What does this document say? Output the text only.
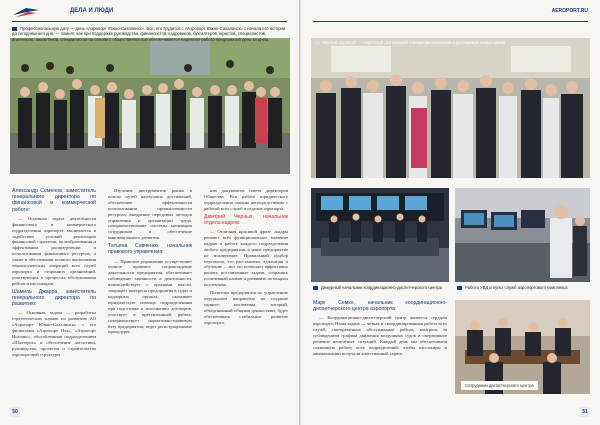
ДЕЛА И ЛЮДИ
Профессиональную дату — день «Аэропорт Южно-Сахалинск». Все, кто трудится с «Аэропорт Южно-Сахалинск» с начала его истории до сегодняшнего дня, — помнят, как при поддержке руководства, финансистов, кадровиков, бухгалтеров, юристов, специалистов, инженеров, аналитиков, специалистов по связям с общественностью обеспечивается надежная работа предприятия день за днем.
Александр Семенов, заместитель генерального директора по финансовой и коммерческой работе:

— Основная задача деятельности финансового и коммерческого подразделения аэропорта заключается в задействии условий реализации финансовой стратегии, целеобразования и эффективном распределении и использовании финансовых ресурсов, а также в обеспечении полного выполнения технологических операций всех служб аэропорта и сторонних организаций, участвующих в процессах обслуживания рейсов и пассажиров.

Шамиль Джарра, заместитель генерального директора по развитию:

— Основная задача — разработка стратегических планов по развитию АО «Аэропорт Южно-Сахалинск» с его филиалами «Аэропорт Оха», «Аэропорт Ногликс», обособленным подразделением «Шахтерск» и обеспечение логистики, руководство, проектом и строительства аэропортовой структуры.

Изучение инструментов рынка в поиске путей наилучших достижений, обеспечение эффективности использования промышленности ресурсов, внедрение передовых методов управления и организации труда, совершенствование системы мотивации сотрудников и обеспечение инновационного развития.

Татьяна Савченко, начальник правового управления:

— Правовое управление осуществляет полное правовое сопровождение деятельности предприятия, обеспечивает соблюдение законности в деятельности, взаимодействует с органами власти, защищает интересы предприятия в судах и надзорных органах, оказывает юридическую помощь подразделениям при подготовке и исполнении договоров, участвует в претензионной работе, совершенствует нормативно-правовую базу предприятия, ведет регистрационные процедуры.

них документов совета директоров Общества. Вся работа юридического подразделения связана непосредственно с работой всех служб и отделов аэропорта.

Дмитрий Черных, начальник отдела кадров:

— Отличная красивой фразе «кадры решают всё» функциональное значение кадров в работе каждого подразделения любого предприятия, и наше предприятие не исключение. Правильный подбор персонала, его расстановка, адаптация и обучение — все это позволяет эффективно решать поставленные задачи, сохранять позитивный климат и развивать потенциал коллектива.

Политика предприятия по управлению персоналом направлена на создание единого коллектива, который, объединенный общими ценностями, будет обеспечивать стабильное развитие аэропорта.

50
AEROPORT.RU
Южный аэропорт — надёжный деятельный отношения коллектив и достижения новых целей
Дежурный начальник координационно-диспетчерского центра	Работа УВД и пульт служб аэропортового комплекса
Марк Семко, начальник координационно-диспетчерского центра аэропорта:

— Координационно-диспетчерский центр является сердцем аэропорта. Наша задача — четкая и скоординированная работа всех служб, своевременное обслуживание рейсов, контроль за соблюдением графика движения воздушных судов и оперативное решение нештатных ситуаций. Каждый день мы обеспечиваем слаженную работу всех подразделений, чтобы пассажиры и авиакомпании получали качественный сервис.

Сотрудники диспетчерского центра
51
